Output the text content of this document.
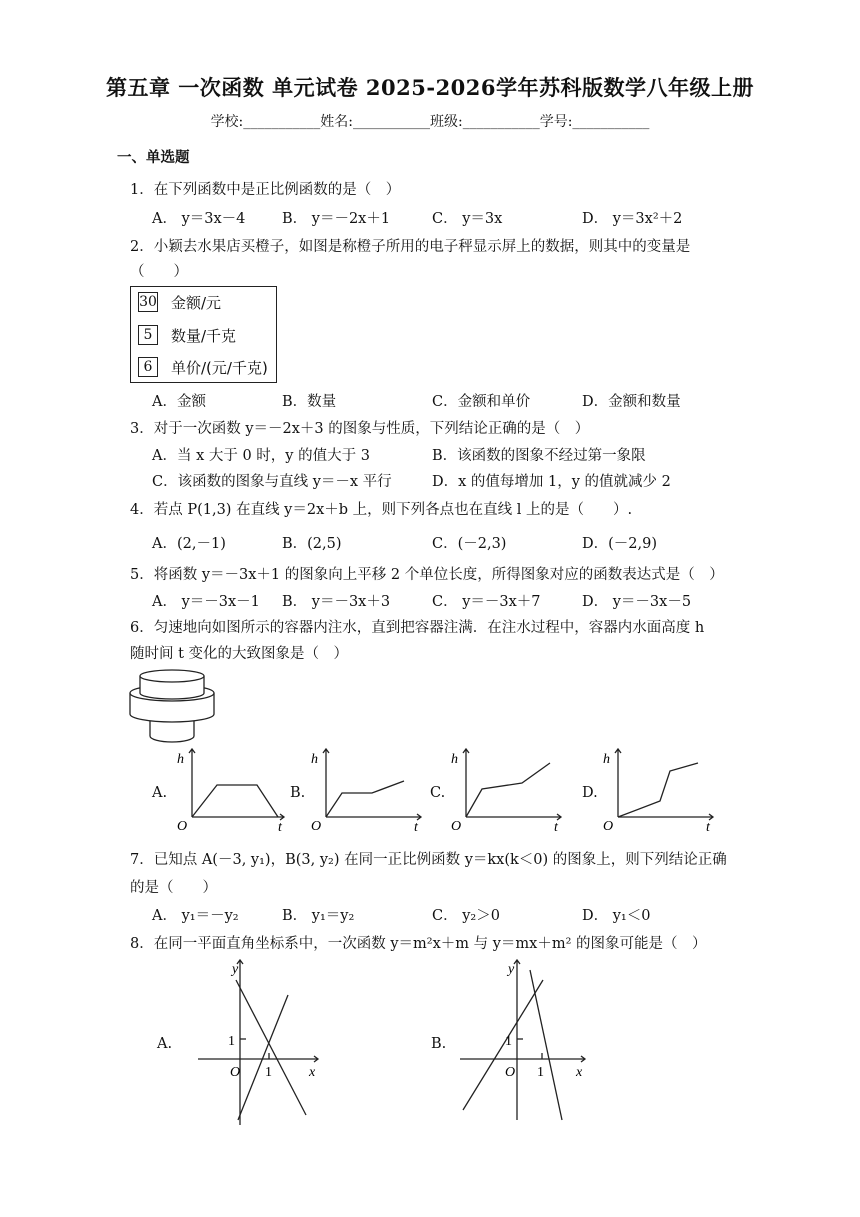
第五章 一次函数 单元试卷 2025-2026学年苏科版数学八年级上册
学校:___________姓名:___________班级:___________学号:___________
一、单选题
1．在下列函数中是正比例函数的是（　）
A． y＝3x－4	B． y＝－2x＋1	C． y＝3x	D． y＝3x²＋2
2．小颖去水果店买橙子，如图是称橙子所用的电子秤显示屏上的数据，则其中的变量是
（　　）
30 金额/元
5	数量/千克
6	单价/(元/千克)
A．金额	B．数量	C．金额和单价	D．金额和数量
3．对于一次函数 y＝－2x＋3 的图象与性质，下列结论正确的是（　）
A．当 x 大于 0 时，y 的值大于 3	B．该函数的图象不经过第一象限
C．该函数的图象与直线 y＝－x 平行	D．x 的值每增加 1，y 的值就减少 2
4．若点 P(1,3) 在直线 y＝2x＋b 上，则下列各点也在直线 l 上的是（　　）.
A．(2,－1)	B．(2,5)	C．(－2,3)	D．(－2,9)
5．将函数 y＝－3x＋1 的图象向上平移 2 个单位长度，所得图象对应的函数表达式是（　）
A． y＝－3x－1 B． y＝－3x＋3	C． y＝－3x＋7	D． y＝－3x－5
6．匀速地向如图所示的容器内注水，直到把容器注满．在注水过程中，容器内水面高度 h
随时间 t 变化的大致图象是（　）
A.
h
O	t
B.
h
O	t
C.
h
O	t
D.
h
O	t
7．已知点 A(－3, y₁)，B(3, y₂) 在同一正比例函数 y＝kx(k＜0) 的图象上，则下列结论正确
的是（　　）
A． y₁＝－y₂	B． y₁＝y₂	C． y₂＞0	D． y₁＜0
8．在同一平面直角坐标系中，一次函数 y＝m²x＋m 与 y＝mx＋m² 的图象可能是（　）
A.
y
1
O 1	x
B.
y
1
O 1 x
